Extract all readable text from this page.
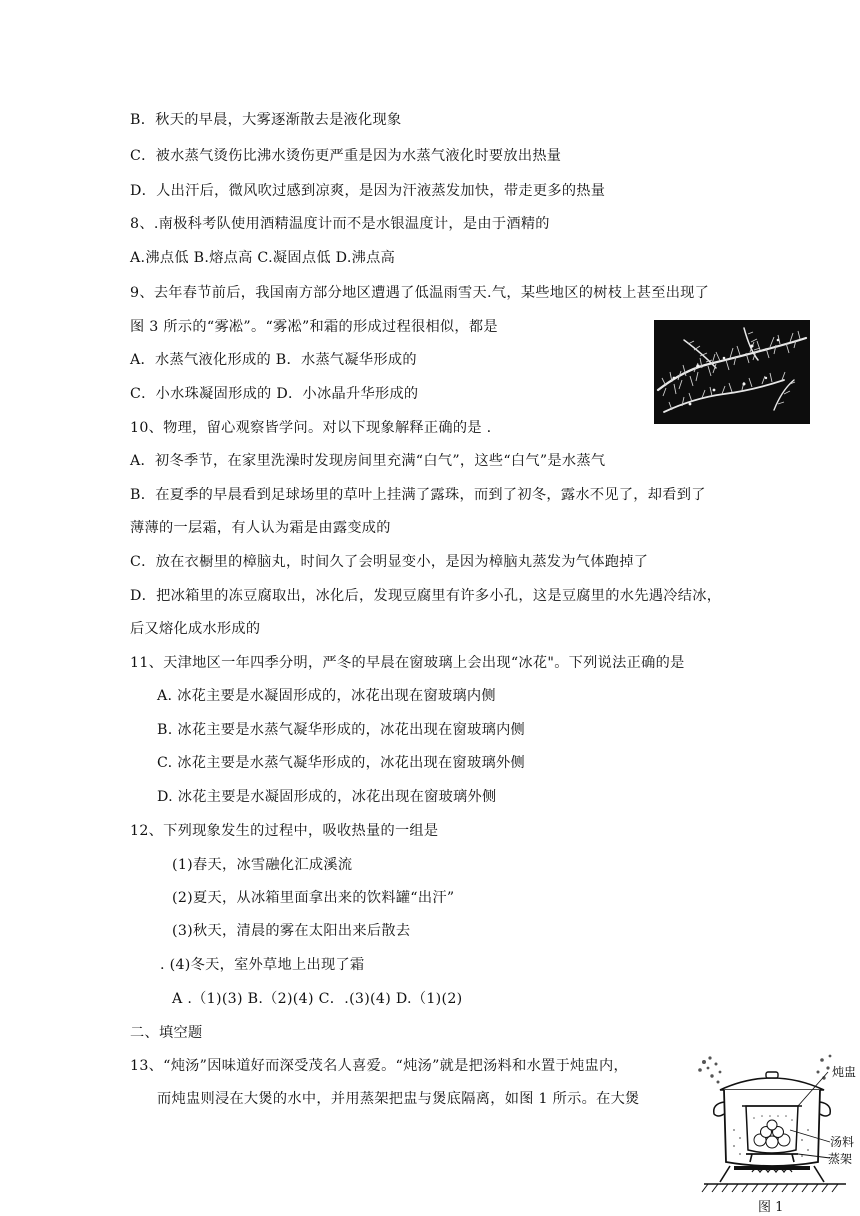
B．秋天的早晨，大雾逐渐散去是液化现象
C．被水蒸气烫伤比沸水烫伤更严重是因为水蒸气液化时要放出热量
D．人出汗后，微风吹过感到凉爽，是因为汗液蒸发加快，带走更多的热量
8、.南极科考队使用酒精温度计而不是水银温度计，是由于酒精的
A.沸点低 B.熔点高 C.凝固点低 D.沸点高
9、去年春节前后，我国南方部分地区遭遇了低温雨雪天.气，某些地区的树枝上甚至出现了
图 3 所示的“雾凇”。“雾凇”和霜的形成过程很相似，都是
A．水蒸气液化形成的 B．水蒸气凝华形成的
C．小水珠凝固形成的 D．小冰晶升华形成的
10、物理，留心观察皆学问。对以下现象解释正确的是 .
A．初冬季节，在家里洗澡时发现房间里充满“白气”，这些“白气”是水蒸气
B．在夏季的早晨看到足球场里的草叶上挂满了露珠，而到了初冬，露水不见了，却看到了
薄薄的一层霜，有人认为霜是由露变成的
C．放在衣橱里的樟脑丸，时间久了会明显变小，是因为樟脑丸蒸发为气体跑掉了
D．把冰箱里的冻豆腐取出，冰化后，发现豆腐里有许多小孔，这是豆腐里的水先遇冷结冰，
后又熔化成水形成的
11、天津地区一年四季分明，严冬的早晨在窗玻璃上会出现“冰花"。下列说法正确的是
A. 冰花主要是水凝固形成的，冰花出现在窗玻璃内侧
B. 冰花主要是水蒸气凝华形成的，冰花出现在窗玻璃内侧
C. 冰花主要是水蒸气凝华形成的，冰花出现在窗玻璃外侧
D. 冰花主要是水凝固形成的，冰花出现在窗玻璃外侧
12、下列现象发生的过程中，吸收热量的一组是
(1)春天，冰雪融化汇成溪流
(2)夏天，从冰箱里面拿出来的饮料罐“出汗”
(3)秋天，清晨的雾在太阳出来后散去
. (4)冬天，室外草地上出现了霜
A .（1)(3) B.（2)(4) C．.(3)(4) D.（1)(2)
二、填空题
13、“炖汤”因味道好而深受茂名人喜爱。“炖汤”就是把汤料和水置于炖盅内，
而炖盅则浸在大煲的水中，并用蒸架把盅与煲底隔离，如图 1 所示。在大煲
炖盅
汤料
蒸架
图 1
